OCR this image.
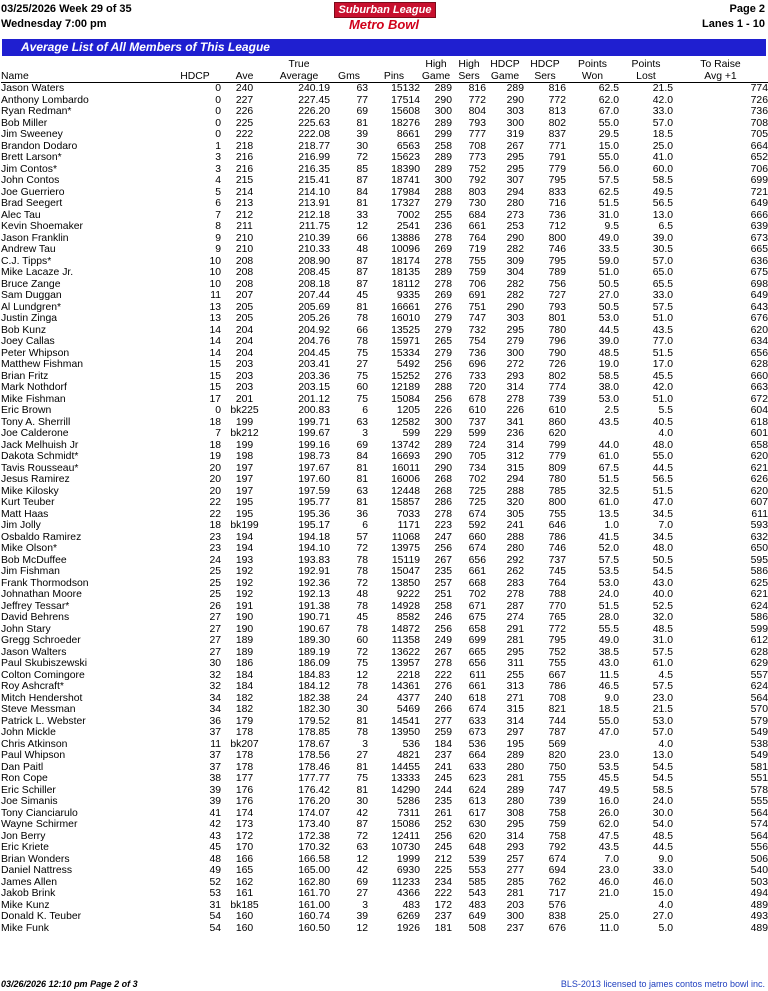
03/25/2026 Week 29 of 35	Suburban League	Page 2
Wednesday 7:00 pm	Metro Bowl	Lanes 1 - 10
Average List of All Members of This League
			True			High	High	HDCP	HDCP	Points	Points	To Raise
Name	HDCP	Ave	Average	Gms	Pins	Game	Sers	Game	Sers	Won	Lost	Avg +1
Jason Waters	0	240	240.19	63	15132	289	816	289	816	62.5	21.5	774
Anthony Lombardo	0	227	227.45	77	17514	290	772	290	772	62.0	42.0	726
Ryan Redman*	0	226	226.20	69	15608	300	804	303	813	67.0	33.0	736
Bob Miller	0	225	225.63	81	18276	289	793	300	802	55.0	57.0	708
Jim Sweeney	0	222	222.08	39	8661	299	777	319	837	29.5	18.5	705
Brandon Dodaro	1	218	218.77	30	6563	258	708	267	771	15.0	25.0	664
Brett Larson*	3	216	216.99	72	15623	289	773	295	791	55.0	41.0	652
Jim Contos*	3	216	216.35	85	18390	289	752	295	779	56.0	60.0	706
John Contos	4	215	215.41	87	18741	300	792	307	795	57.5	58.5	699
Joe Guerriero	5	214	214.10	84	17984	288	803	294	833	62.5	49.5	721
Brad Seegert	6	213	213.91	81	17327	279	730	280	716	51.5	56.5	649
Alec Tau	7	212	212.18	33	7002	255	684	273	736	31.0	13.0	666
Kevin Shoemaker	8	211	211.75	12	2541	236	661	253	712	9.5	6.5	639
Jason Franklin	9	210	210.39	66	13886	278	764	290	800	49.0	39.0	673
Andrew Tau	9	210	210.33	48	10096	269	719	282	746	33.5	30.5	665
C.J. Tipps*	10	208	208.90	87	18174	278	755	309	795	59.0	57.0	636
Mike Lacaze Jr.	10	208	208.45	87	18135	289	759	304	789	51.0	65.0	675
Bruce Zange	10	208	208.18	87	18112	278	706	282	756	50.5	65.5	698
Sam Duggan	11	207	207.44	45	9335	269	691	282	727	27.0	33.0	649
Al Lundgren*	13	205	205.69	81	16661	276	751	290	793	50.5	57.5	643
Justin Zinga	13	205	205.26	78	16010	279	747	303	801	53.0	51.0	676
Bob Kunz	14	204	204.92	66	13525	279	732	295	780	44.5	43.5	620
Joey Callas	14	204	204.76	78	15971	265	754	279	796	39.0	77.0	634
Peter Whipson	14	204	204.45	75	15334	279	736	300	790	48.5	51.5	656
Matthew Fishman	15	203	203.41	27	5492	256	696	272	726	19.0	17.0	628
Brian Fritz	15	203	203.36	75	15252	276	733	293	802	58.5	45.5	660
Mark Nothdorf	15	203	203.15	60	12189	288	720	314	774	38.0	42.0	663
Mike Fishman	17	201	201.12	75	15084	256	678	278	739	53.0	51.0	672
Eric Brown	0	bk225	200.83	6	1205	226	610	226	610	2.5	5.5	604
Tony A. Sherrill	18	199	199.71	63	12582	300	737	341	860	43.5	40.5	618
Joe Calderone	7	bk212	199.67	3	599	229	599	236	620		4.0	601
Jack Melhuish Jr	18	199	199.16	69	13742	289	724	314	799	44.0	48.0	658
Dakota Schmidt*	19	198	198.73	84	16693	290	705	312	779	61.0	55.0	620
Tavis Rousseau*	20	197	197.67	81	16011	290	734	315	809	67.5	44.5	621
Jesus Ramirez	20	197	197.60	81	16006	268	702	294	780	51.5	56.5	626
Mike Kilosky	20	197	197.59	63	12448	268	725	288	785	32.5	51.5	620
Kurt Teuber	22	195	195.77	81	15857	286	725	320	800	61.0	47.0	607
Matt Haas	22	195	195.36	36	7033	278	674	305	755	13.5	34.5	611
Jim Jolly	18	bk199	195.17	6	1171	223	592	241	646	1.0	7.0	593
Osbaldo Ramirez	23	194	194.18	57	11068	247	660	288	786	41.5	34.5	632
Mike Olson*	23	194	194.10	72	13975	256	674	280	746	52.0	48.0	650
Bob McDuffee	24	193	193.83	78	15119	267	656	292	737	57.5	50.5	595
Jim Fishman	25	192	192.91	78	15047	235	661	262	745	53.5	54.5	586
Frank Thormodson	25	192	192.36	72	13850	257	668	283	764	53.0	43.0	625
Johnathan Moore	25	192	192.13	48	9222	251	702	278	788	24.0	40.0	621
Jeffrey Tessar*	26	191	191.38	78	14928	258	671	287	770	51.5	52.5	624
David Behrens	27	190	190.71	45	8582	246	675	274	765	28.0	32.0	586
John Stary	27	190	190.67	78	14872	256	658	291	772	55.5	48.5	599
Gregg Schroeder	27	189	189.30	60	11358	249	699	281	795	49.0	31.0	612
Jason Walters	27	189	189.19	72	13622	267	665	295	752	38.5	57.5	628
Paul Skubiszewski	30	186	186.09	75	13957	278	656	311	755	43.0	61.0	629
Colton Comingore	32	184	184.83	12	2218	222	611	255	667	11.5	4.5	557
Roy Ashcraft*	32	184	184.12	78	14361	276	661	313	786	46.5	57.5	624
Mitch Hendershot	34	182	182.38	24	4377	240	618	271	708	9.0	23.0	564
Steve Messman	34	182	182.30	30	5469	266	674	315	821	18.5	21.5	570
Patrick L. Webster	36	179	179.52	81	14541	277	633	314	744	55.0	53.0	579
John Mickle	37	178	178.85	78	13950	259	673	297	787	47.0	57.0	549
Chris Atkinson	11	bk207	178.67	3	536	184	536	195	569		4.0	538
Paul Whipson	37	178	178.56	27	4821	237	664	289	820	23.0	13.0	549
Dan Paitl	37	178	178.46	81	14455	241	633	280	750	53.5	54.5	581
Ron Cope	38	177	177.77	75	13333	245	623	281	755	45.5	54.5	551
Eric Schiller	39	176	176.42	81	14290	244	624	289	747	49.5	58.5	578
Joe Simanis	39	176	176.20	30	5286	235	613	280	739	16.0	24.0	555
Tony Cianciarulo	41	174	174.07	42	7311	261	617	308	758	26.0	30.0	564
Wayne Schirmer	42	173	173.40	87	15086	252	630	295	759	62.0	54.0	574
Jon Berry	43	172	172.38	72	12411	256	620	314	758	47.5	48.5	564
Eric Kriete	45	170	170.32	63	10730	245	648	293	792	43.5	44.5	556
Brian Wonders	48	166	166.58	12	1999	212	539	257	674	7.0	9.0	506
Daniel Nattress	49	165	165.00	42	6930	225	553	277	694	23.0	33.0	540
James Allen	52	162	162.80	69	11233	234	585	285	762	46.0	46.0	503
Jakob Brink	53	161	161.70	27	4366	222	543	281	717	21.0	15.0	494
Mike Kunz	31	bk185	161.00	3	483	172	483	203	576		4.0	489
Donald K. Teuber	54	160	160.74	39	6269	237	649	300	838	25.0	27.0	493
Mike Funk	54	160	160.50	12	1926	181	508	237	676	11.0	5.0	489
03/26/2026 12:10 pm Page 2 of 3	BLS-2013 licensed to james contos metro bowl inc.
